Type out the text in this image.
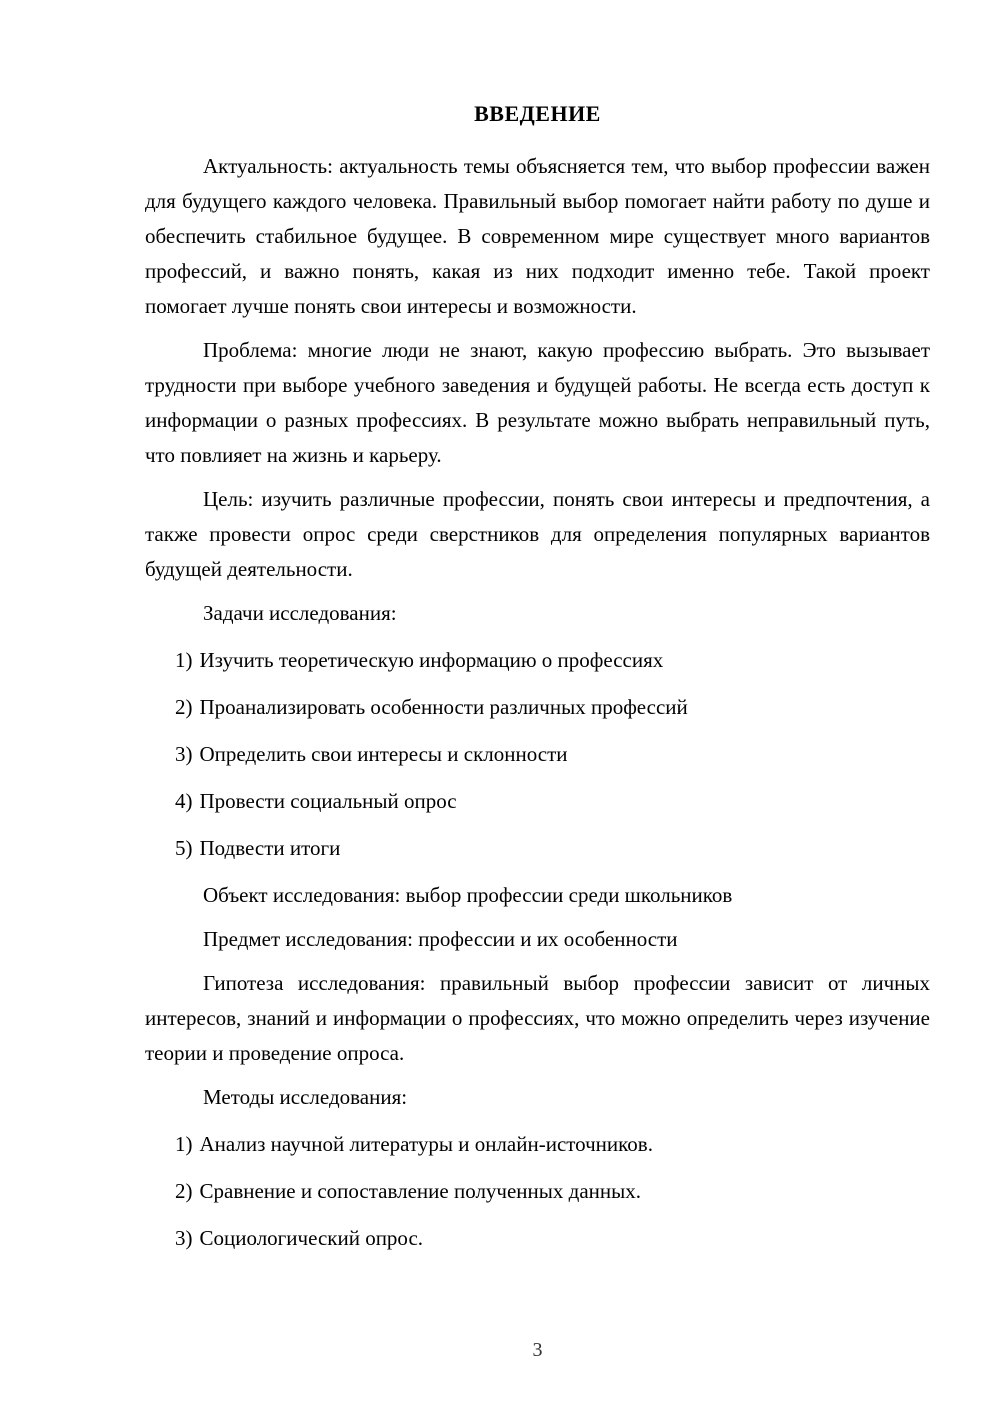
ВВЕДЕНИЕ

Актуальность: актуальность темы объясняется тем, что выбор профессии важен для будущего каждого человека. Правильный выбор помогает найти работу по душе и обеспечить стабильное будущее. В современном мире существует много вариантов профессий, и важно понять, какая из них подходит именно тебе. Такой проект помогает лучше понять свои интересы и возможности.

Проблема: многие люди не знают, какую профессию выбрать. Это вызывает трудности при выборе учебного заведения и будущей работы. Не всегда есть доступ к информации о разных профессиях. В результате можно выбрать неправильный путь, что повлияет на жизнь и карьеру.

Цель: изучить различные профессии, понять свои интересы и предпочтения, а также провести опрос среди сверстников для определения популярных вариантов будущей деятельности.

Задачи исследования:

1) Изучить теоретическую информацию о профессиях
2) Проанализировать особенности различных профессий
3) Определить свои интересы и склонности
4) Провести социальный опрос
5) Подвести итоги

Объект исследования: выбор профессии среди школьников

Предмет исследования: профессии и их особенности

Гипотеза исследования: правильный выбор профессии зависит от личных интересов, знаний и информации о профессиях, что можно определить через изучение теории и проведение опроса.

Методы исследования:

1) Анализ научной литературы и онлайн-источников.
2) Сравнение и сопоставление полученных данных.
3) Социологический опрос.
3
